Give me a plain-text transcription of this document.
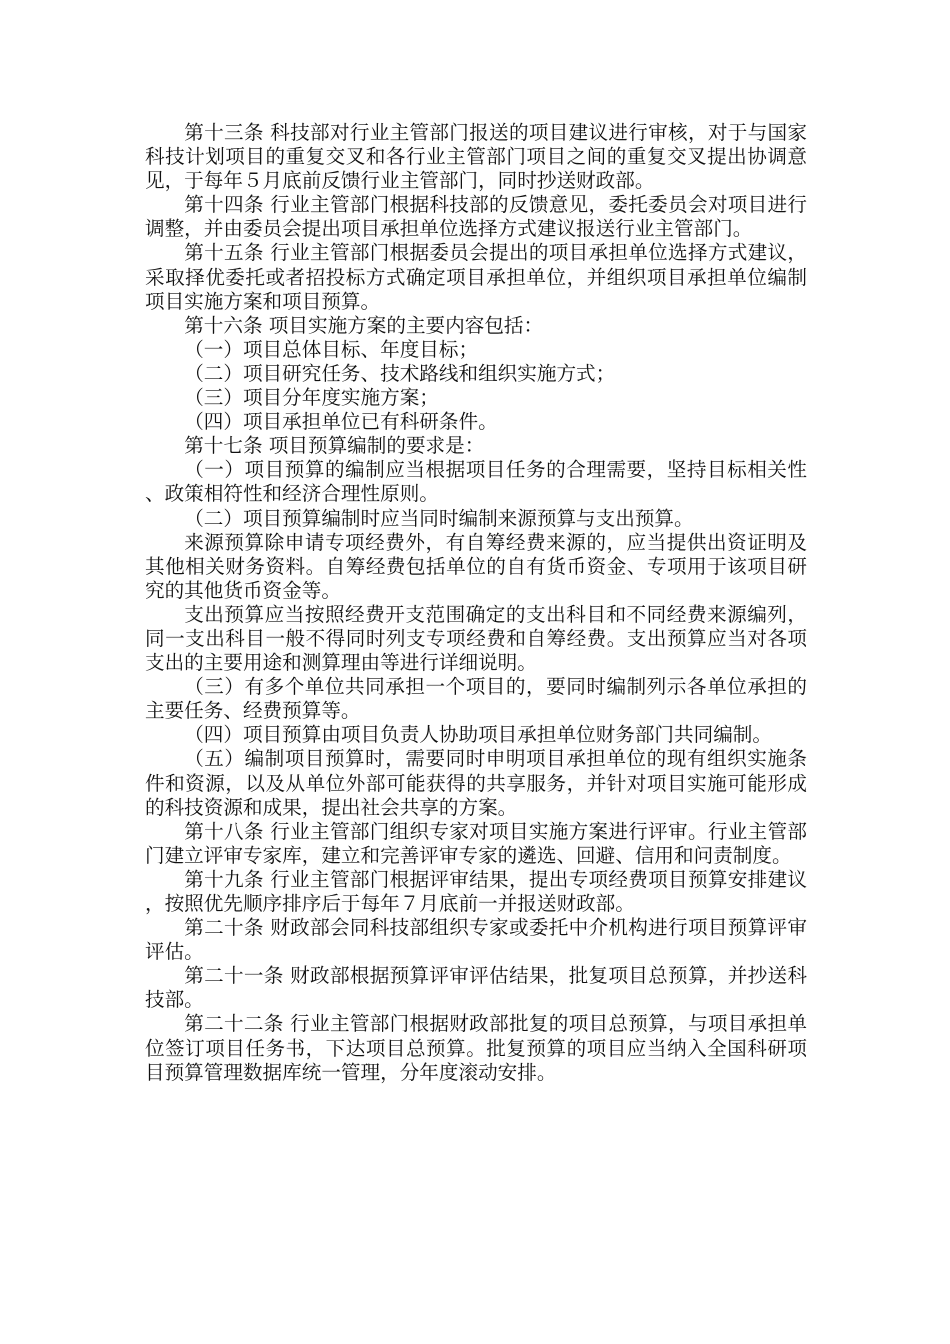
第十三条 科技部对行业主管部门报送的项目建议进行审核，对于与国家科技计划项目的重复交叉和各行业主管部门项目之间的重复交叉提出协调意见，于每年５月底前反馈行业主管部门，同时抄送财政部。

第十四条 行业主管部门根据科技部的反馈意见，委托委员会对项目进行调整，并由委员会提出项目承担单位选择方式建议报送行业主管部门。

第十五条 行业主管部门根据委员会提出的项目承担单位选择方式建议，采取择优委托或者招投标方式确定项目承担单位，并组织项目承担单位编制项目实施方案和项目预算。

第十六条 项目实施方案的主要内容包括：

（一）项目总体目标、年度目标；

（二）项目研究任务、技术路线和组织实施方式；

（三）项目分年度实施方案；

（四）项目承担单位已有科研条件。

第十七条 项目预算编制的要求是：

（一）项目预算的编制应当根据项目任务的合理需要，坚持目标相关性、政策相符性和经济合理性原则。

（二）项目预算编制时应当同时编制来源预算与支出预算。

来源预算除申请专项经费外，有自筹经费来源的，应当提供出资证明及其他相关财务资料。自筹经费包括单位的自有货币资金、专项用于该项目研究的其他货币资金等。

支出预算应当按照经费开支范围确定的支出科目和不同经费来源编列，同一支出科目一般不得同时列支专项经费和自筹经费。支出预算应当对各项支出的主要用途和测算理由等进行详细说明。

（三）有多个单位共同承担一个项目的，要同时编制列示各单位承担的主要任务、经费预算等。

（四）项目预算由项目负责人协助项目承担单位财务部门共同编制。

（五）编制项目预算时，需要同时申明项目承担单位的现有组织实施条件和资源，以及从单位外部可能获得的共享服务，并针对项目实施可能形成的科技资源和成果，提出社会共享的方案。

第十八条 行业主管部门组织专家对项目实施方案进行评审。行业主管部门建立评审专家库，建立和完善评审专家的遴选、回避、信用和问责制度。

第十九条 行业主管部门根据评审结果，提出专项经费项目预算安排建议，按照优先顺序排序后于每年７月底前一并报送财政部。

第二十条 财政部会同科技部组织专家或委托中介机构进行项目预算评审评估。

第二十一条 财政部根据预算评审评估结果，批复项目总预算，并抄送科技部。

第二十二条 行业主管部门根据财政部批复的项目总预算，与项目承担单位签订项目任务书，下达项目总预算。批复预算的项目应当纳入全国科研项目预算管理数据库统一管理，分年度滚动安排。
